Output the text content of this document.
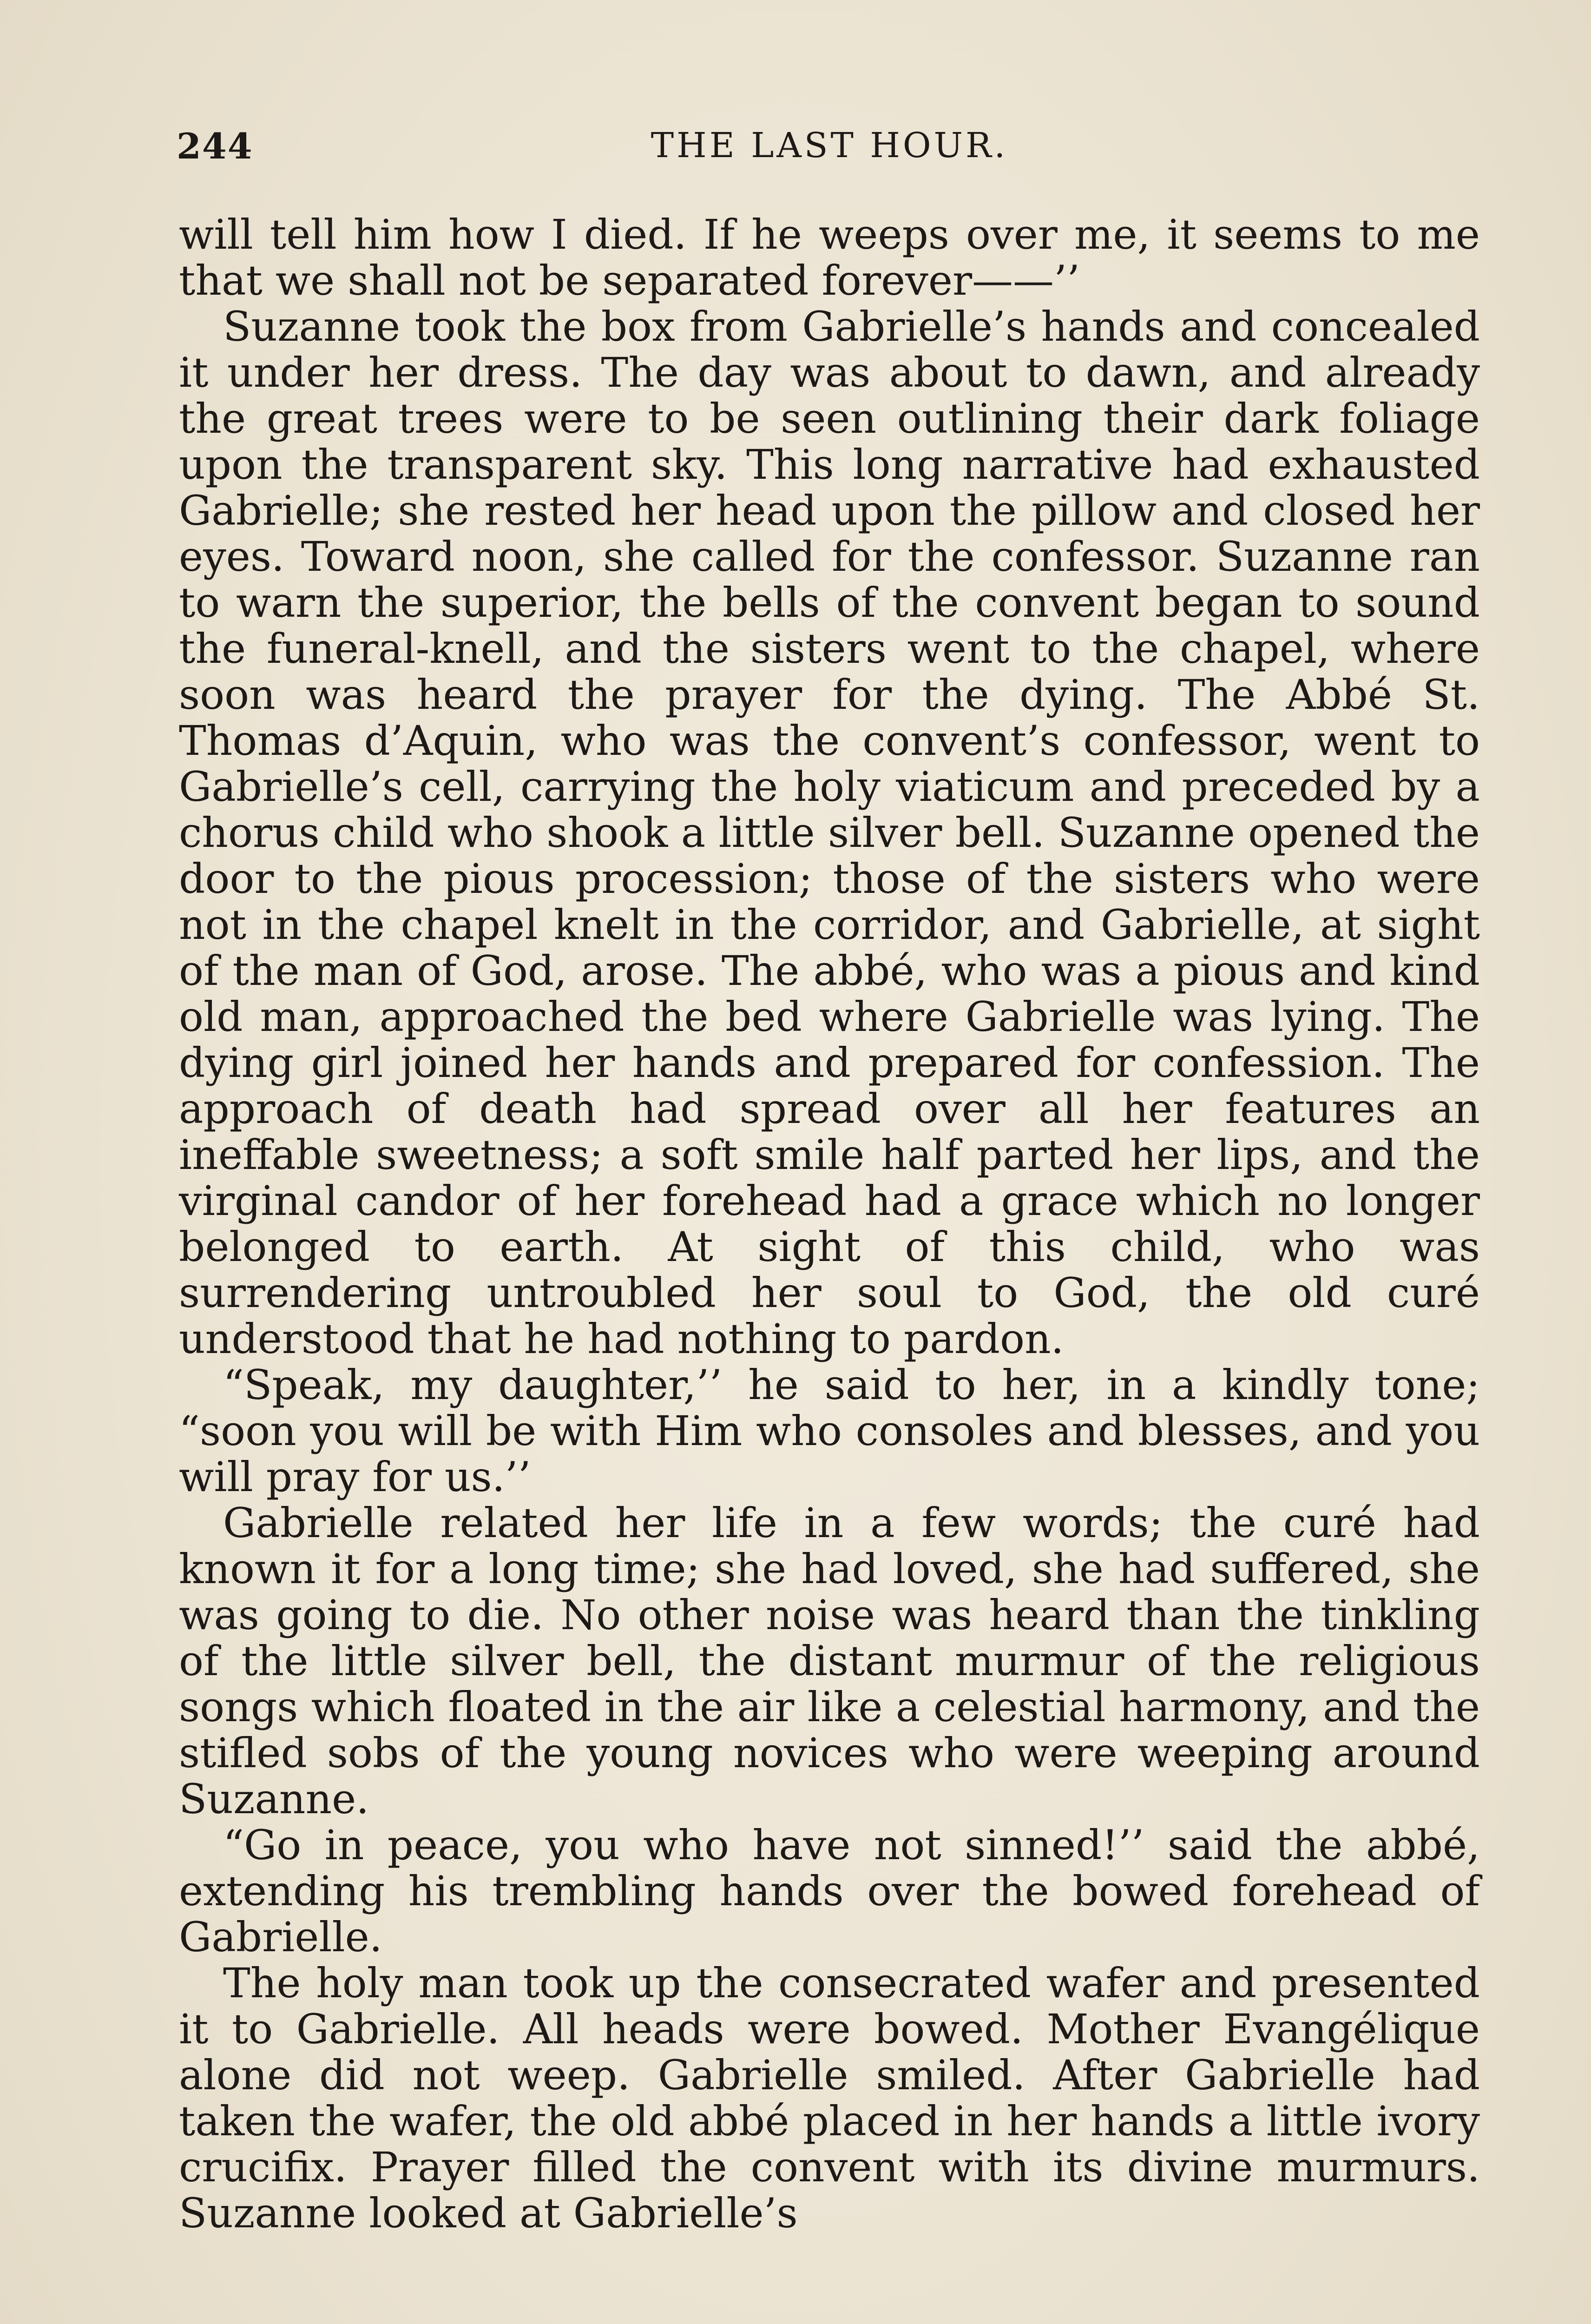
244	THE LAST HOUR.

will tell him how I died. If he weeps over me, it seems to me that we shall not be separated forever——’’

Suzanne took the box from Gabrielle’s hands and concealed it under her dress. The day was about to dawn, and already the great trees were to be seen outlining their dark foliage upon the transparent sky. This long narrative had exhausted Gabrielle; she rested her head upon the pillow and closed her eyes. Toward noon, she called for the confessor. Suzanne ran to warn the superior, the bells of the convent began to sound the funeral-knell, and the sisters went to the chapel, where soon was heard the prayer for the dying. The Abbé St. Thomas d’Aquin, who was the convent’s confessor, went to Gabrielle’s cell, carrying the holy viaticum and preceded by a chorus child who shook a little silver bell. Suzanne opened the door to the pious procession; those of the sisters who were not in the chapel knelt in the corridor, and Gabrielle, at sight of the man of God, arose. The abbé, who was a pious and kind old man, approached the bed where Gabrielle was lying. The dying girl joined her hands and prepared for confession. The approach of death had spread over all her features an ineffable sweetness; a soft smile half parted her lips, and the virginal candor of her forehead had a grace which no longer belonged to earth. At sight of this child, who was surrendering untroubled her soul to God, the old curé understood that he had nothing to pardon.

“Speak, my daughter,’’ he said to her, in a kindly tone; “soon you will be with Him who consoles and blesses, and you will pray for us.’’

Gabrielle related her life in a few words; the curé had known it for a long time; she had loved, she had suffered, she was going to die. No other noise was heard than the tinkling of the little silver bell, the distant murmur of the religious songs which floated in the air like a celestial harmony, and the stifled sobs of the young novices who were weeping around Suzanne.

“Go in peace, you who have not sinned!’’ said the abbé, extending his trembling hands over the bowed forehead of Gabrielle.

The holy man took up the consecrated wafer and presented it to Gabrielle. All heads were bowed. Mother Evangélique alone did not weep. Gabrielle smiled. After Gabrielle had taken the wafer, the old abbé placed in her hands a little ivory crucifix. Prayer filled the convent with its divine murmurs. Suzanne looked at Gabrielle’s
